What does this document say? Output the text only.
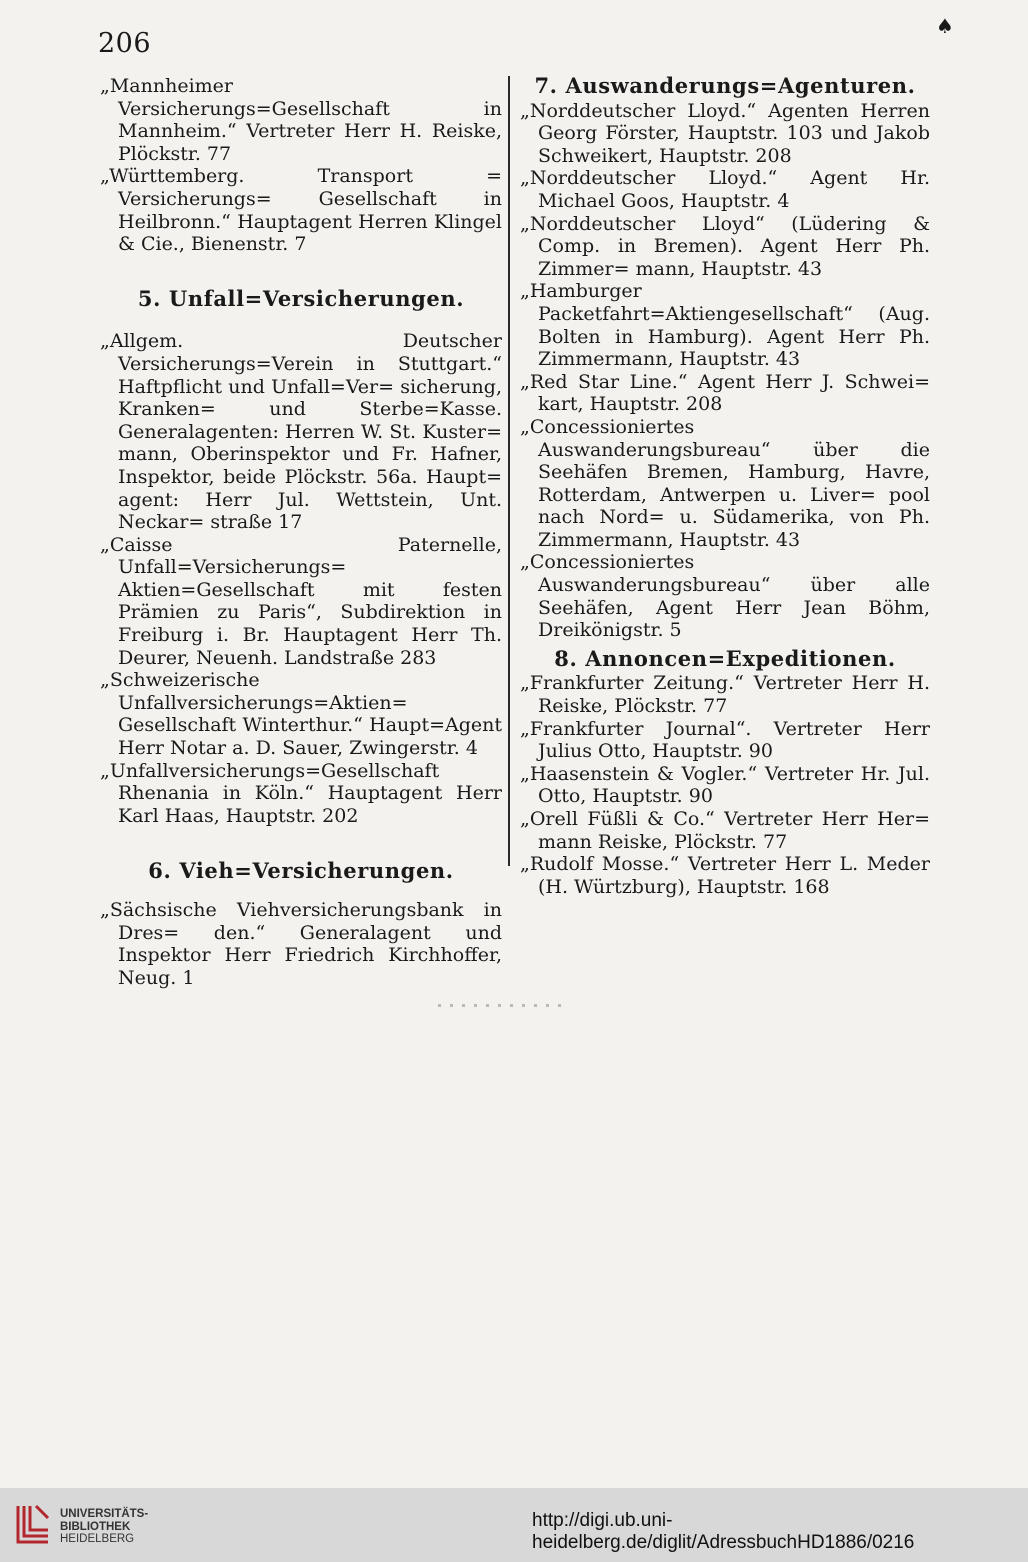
206
♠

„Mannheimer Versicherungs=Gesellschaft in Mannheim.“ Vertreter Herr H. Reiske, Plöckstr. 77

„Württemberg. Transport = Versicherungs= Gesellschaft in Heilbronn.“ Hauptagent Herren Klingel & Cie., Bienenstr. 7

5. Unfall=Versicherungen.

„Allgem. Deutscher Versicherungs=Verein in Stuttgart.“ Haftpflicht und Unfall=Ver= sicherung, Kranken= und Sterbe=Kasse. Generalagenten: Herren W. St. Kuster= mann, Oberinspektor und Fr. Hafner, Inspektor, beide Plöckstr. 56a. Haupt= agent: Herr Jul. Wettstein, Unt. Neckar= straße 17

„Caisse Paternelle, Unfall=Versicherungs= Aktien=Gesellschaft mit festen Prämien zu Paris“, Subdirektion in Freiburg i. Br. Hauptagent Herr Th. Deurer, Neuenh. Landstraße 283

„Schweizerische Unfallversicherungs=Aktien= Gesellschaft Winterthur.“ Haupt=Agent Herr Notar a. D. Sauer, Zwingerstr. 4

„Unfallversicherungs=Gesellschaft Rhenania in Köln.“ Hauptagent Herr Karl Haas, Hauptstr. 202

6. Vieh=Versicherungen.

„Sächsische Viehversicherungsbank in Dres= den.“ Generalagent und Inspektor Herr Friedrich Kirchhoffer, Neug. 1

7. Auswanderungs=Agenturen.

„Norddeutscher Lloyd.“ Agenten Herren Georg Förster, Hauptstr. 103 und Jakob Schweikert, Hauptstr. 208

„Norddeutscher Lloyd.“ Agent Hr. Michael Goos, Hauptstr. 4

„Norddeutscher Lloyd“ (Lüdering & Comp. in Bremen). Agent Herr Ph. Zimmer= mann, Hauptstr. 43

„Hamburger Packetfahrt=Aktiengesellschaft“ (Aug. Bolten in Hamburg). Agent Herr Ph. Zimmermann, Hauptstr. 43

„Red Star Line.“ Agent Herr J. Schwei= kart, Hauptstr. 208

„Concessioniertes Auswanderungsbureau“ über die Seehäfen Bremen, Hamburg, Havre, Rotterdam, Antwerpen u. Liver= pool nach Nord= u. Südamerika, von Ph. Zimmermann, Hauptstr. 43

„Concessioniertes Auswanderungsbureau“ über alle Seehäfen, Agent Herr Jean Böhm, Dreikönigstr. 5

8. Annoncen=Expeditionen.

„Frankfurter Zeitung.“ Vertreter Herr H. Reiske, Plöckstr. 77

„Frankfurter Journal“. Vertreter Herr Julius Otto, Hauptstr. 90

„Haasenstein & Vogler.“ Vertreter Hr. Jul. Otto, Hauptstr. 90

„Orell Füßli & Co.“ Vertreter Herr Her= mann Reiske, Plöckstr. 77

„Rudolf Mosse.“ Vertreter Herr L. Meder (H. Würtzburg), Hauptstr. 168

UNIVERSITÄTS-
BIBLIOTHEK
HEIDELBERG
http://digi.ub.uni-heidelberg.de/diglit/AdressbuchHD1886/0216
